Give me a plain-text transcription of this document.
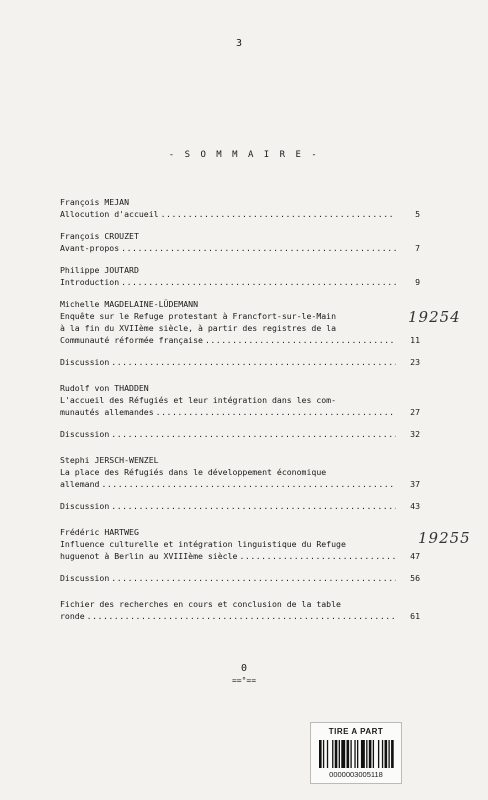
3
- S O M M A I R E -
François MEJAN
Allocution d'accueil .....	5
François CROUZET
Avant-propos .....	7
Philippe JOUTARD
Introduction .....	9
Michelle MAGDELAINE-LÜDEMANN
Enquête sur le Refuge protestant à Francfort-sur-le-Main
à la fin du XVIIème siècle, à partir des registres de la
Communauté réformée française .....	11
Discussion .....	23
Rudolf von THADDEN
L'accueil des Réfugiés et leur intégration dans les com-
munautés allemandes .....	27
Discussion .....	32
Stephi JERSCH-WENZEL
La place des Réfugiés dans le développement économique
allemand .....	37
Discussion .....	43
Frédéric HARTWEG
Influence culturelle et intégration linguistique du Refuge
huguenot à Berlin au XVIIIème siècle .....	47
Discussion .....	56
Fichier des recherches en cours et conclusion de la table
ronde .....	61
19254
19255
0
==°==
TIRE A PART
0000003005118
